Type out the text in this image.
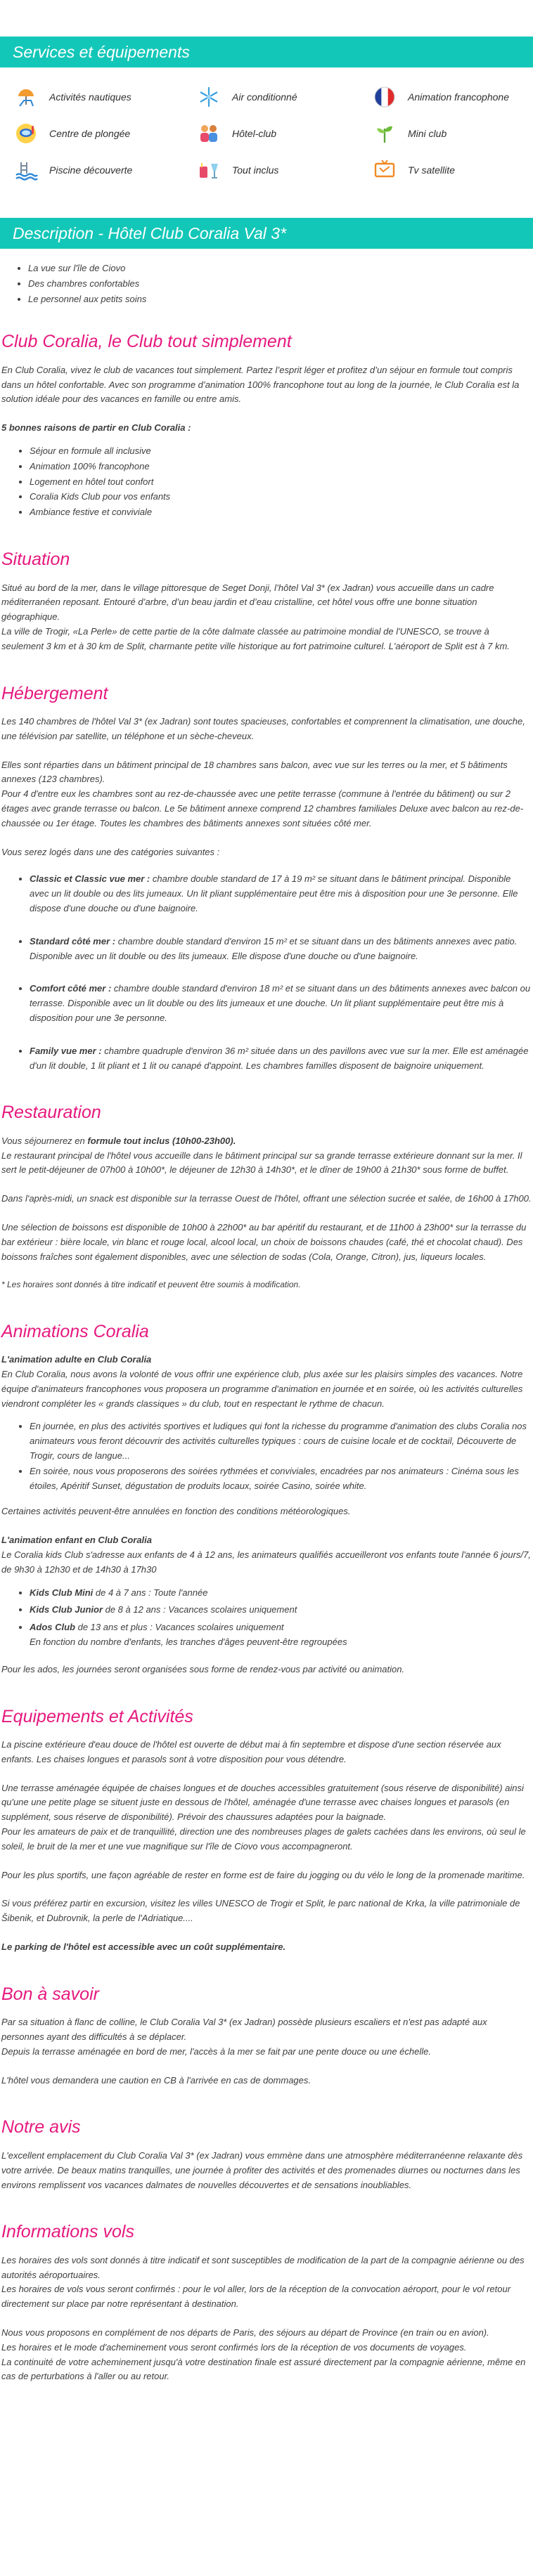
Services et équipements
Activités nautiques	Air conditionné	Animation francophone
Centre de plongée	Hôtel-club	Mini club
Piscine découverte	Tout inclus	Tv satellite
Description - Hôtel Club Coralia Val 3*
• La vue sur l'île de Ciovo
• Des chambres confortables
• Le personnel aux petits soins
Club Coralia, le Club tout simplement

En Club Coralia, vivez le club de vacances tout simplement. Partez l’esprit léger et profitez d’un séjour en formule tout compris dans un hôtel confortable. Avec son programme d’animation 100% francophone tout au long de la journée, le Club Coralia est la solution idéale pour des vacances en famille ou entre amis.

5 bonnes raisons de partir en Club Coralia :

• Séjour en formule all inclusive
• Animation 100% francophone
• Logement en hôtel tout confort
• Coralia Kids Club pour vos enfants
• Ambiance festive et conviviale
Situation

Situé au bord de la mer, dans le village pittoresque de Seget Donji, l’hôtel Val 3* (ex Jadran) vous accueille dans un cadre méditerranéen reposant. Entouré d’arbre, d’un beau jardin et d’eau cristalline, cet hôtel vous offre une bonne situation géographique.

La ville de Trogir, «La Perle» de cette partie de la côte dalmate classée au patrimoine mondial de l'UNESCO, se trouve à seulement 3 km et à 30 km de Split, charmante petite ville historique au fort patrimoine culturel. L'aéroport de Split est à 7 km.

Hébergement

Les 140 chambres de l'hôtel Val 3* (ex Jadran) sont toutes spacieuses, confortables et comprennent la climatisation, une douche, une télévision par satellite, un téléphone et un sèche-cheveux.

Elles sont réparties dans un bâtiment principal de 18 chambres sans balcon, avec vue sur les terres ou la mer, et 5 bâtiments annexes (123 chambres).

Pour 4 d'entre eux les chambres sont au rez-de-chaussée avec une petite terrasse (commune à l'entrée du bâtiment) ou sur 2 étages avec grande terrasse ou balcon. Le 5e bâtiment annexe comprend 12 chambres familiales Deluxe avec balcon au rez-de-chaussée ou 1er étage. Toutes les chambres des bâtiments annexes sont situées côté mer.

Vous serez logés dans une des catégories suivantes :

• Classic et Classic vue mer : chambre double standard de 17 à 19 m² se situant dans le bâtiment principal. Disponible avec un lit double ou des lits jumeaux. Un lit pliant supplémentaire peut être mis à disposition pour une 3e personne. Elle dispose d'une douche ou d'une baignoire.
• Standard côté mer : chambre double standard d'environ 15 m² et se situant dans un des bâtiments annexes avec patio. Disponible avec un lit double ou des lits jumeaux. Elle dispose d'une douche ou d'une baignoire.
• Comfort côté mer : chambre double standard d'environ 18 m² et se situant dans un des bâtiments annexes avec balcon ou terrasse. Disponible avec un lit double ou des lits jumeaux et une douche. Un lit pliant supplémentaire peut être mis à disposition pour une 3e personne.
• Family vue mer : chambre quadruple d'environ 36 m² située dans un des pavillons avec vue sur la mer. Elle est aménagée d'un lit double, 1 lit pliant et 1 lit ou canapé d'appoint. Les chambres familles disposent de baignoire uniquement.
Restauration

Vous séjournerez en formule tout inclus (10h00-23h00).

Le restaurant principal de l'hôtel vous accueille dans le bâtiment principal sur sa grande terrasse extérieure donnant sur la mer. Il sert le petit-déjeuner de 07h00 à 10h00*, le déjeuner de 12h30 à 14h30*, et le dîner de 19h00 à 21h30* sous forme de buffet.

Dans l'après-midi, un snack est disponible sur la terrasse Ouest de l'hôtel, offrant une sélection sucrée et salée, de 16h00 à 17h00.

Une sélection de boissons est disponible de 10h00 à 22h00* au bar apéritif du restaurant, et de 11h00 à 23h00* sur la terrasse du bar extérieur : bière locale, vin blanc et rouge local, alcool local, un choix de boissons chaudes (café, thé et chocolat chaud). Des boissons fraîches sont également disponibles, avec une sélection de sodas (Cola, Orange, Citron), jus, liqueurs locales.

* Les horaires sont donnés à titre indicatif et peuvent être soumis à modification.

Animations Coralia

L'animation adulte en Club Coralia

En Club Coralia, nous avons la volonté de vous offrir une expérience club, plus axée sur les plaisirs simples des vacances. Notre équipe d'animateurs francophones vous proposera un programme d'animation en journée et en soirée, où les activités culturelles viendront compléter les « grands classiques » du club, tout en respectant le rythme de chacun.

• En journée, en plus des activités sportives et ludiques qui font la richesse du programme d'animation des clubs Coralia nos animateurs vous feront découvrir des activités culturelles typiques : cours de cuisine locale et de cocktail, Découverte de Trogir, cours de langue...
• En soirée, nous vous proposerons des soirées rythmées et conviviales, encadrées par nos animateurs : Cinéma sous les étoiles, Apéritif Sunset, dégustation de produits locaux, soirée Casino, soirée white.

Certaines activités peuvent-être annulées en fonction des conditions météorologiques.

L'animation enfant en Club Coralia

Le Coralia kids Club s'adresse aux enfants de 4 à 12 ans, les animateurs qualifiés accueilleront vos enfants toute l'année 6 jours/7, de 9h30 à 12h30 et de 14h30 à 17h30

• Kids Club Mini de 4 à 7 ans : Toute l'année
• Kids Club Junior de 8 à 12 ans : Vacances scolaires uniquement
• Ados Club de 13 ans et plus : Vacances scolaires uniquement
En fonction du nombre d'enfants, les tranches d'âges peuvent-être regroupées

Pour les ados, les journées seront organisées sous forme de rendez-vous par activité ou animation.

Equipements et Activités

La piscine extérieure d'eau douce de l'hôtel est ouverte de début mai à fin septembre et dispose d'une section réservée aux enfants. Les chaises longues et parasols sont à votre disposition pour vous détendre.

Une terrasse aménagée équipée de chaises longues et de douches accessibles gratuitement (sous réserve de disponibilité) ainsi qu'une une petite plage se situent juste en dessous de l'hôtel, aménagée d'une terrasse avec chaises longues et parasols (en supplément, sous réserve de disponibilité). Prévoir des chaussures adaptées pour la baignade.

Pour les amateurs de paix et de tranquillité, direction une des nombreuses plages de galets cachées dans les environs, où seul le soleil, le bruit de la mer et une vue magnifique sur l'île de Ciovo vous accompagneront.

Pour les plus sportifs, une façon agréable de rester en forme est de faire du jogging ou du vélo le long de la promenade maritime.

Si vous préférez partir en excursion, visitez les villes UNESCO de Trogir et Split, le parc national de Krka, la ville patrimoniale de Šibenik, et Dubrovnik, la perle de l'Adriatique....

Le parking de l'hôtel est accessible avec un coût supplémentaire.

Bon à savoir

Par sa situation à flanc de colline, le Club Coralia Val 3* (ex Jadran) possède plusieurs escaliers et n'est pas adapté aux personnes ayant des difficultés à se déplacer.

Depuis la terrasse aménagée en bord de mer, l'accès à la mer se fait par une pente douce ou une échelle.

L'hôtel vous demandera une caution en CB à l'arrivée en cas de dommages.

Notre avis

L'excellent emplacement du Club Coralia Val 3* (ex Jadran) vous emmène dans une atmosphère méditerranéenne relaxante dès votre arrivée. De beaux matins tranquilles, une journée à profiter des activités et des promenades diurnes ou nocturnes dans les environs remplissent vos vacances dalmates de nouvelles découvertes et de sensations inoubliables.

Informations vols

Les horaires des vols sont donnés à titre indicatif et sont susceptibles de modification de la part de la compagnie aérienne ou des autorités aéroportuaires.

Les horaires de vols vous seront confirmés : pour le vol aller, lors de la réception de la convocation aéroport, pour le vol retour directement sur place par notre représentant à destination.

Nous vous proposons en complément de nos départs de Paris, des séjours au départ de Province (en train ou en avion).

Les horaires et le mode d'acheminement vous seront confirmés lors de la réception de vos documents de voyages.

La continuité de votre acheminement jusqu'à votre destination finale est assuré directement par la compagnie aérienne, même en cas de perturbations à l'aller ou au retour.
